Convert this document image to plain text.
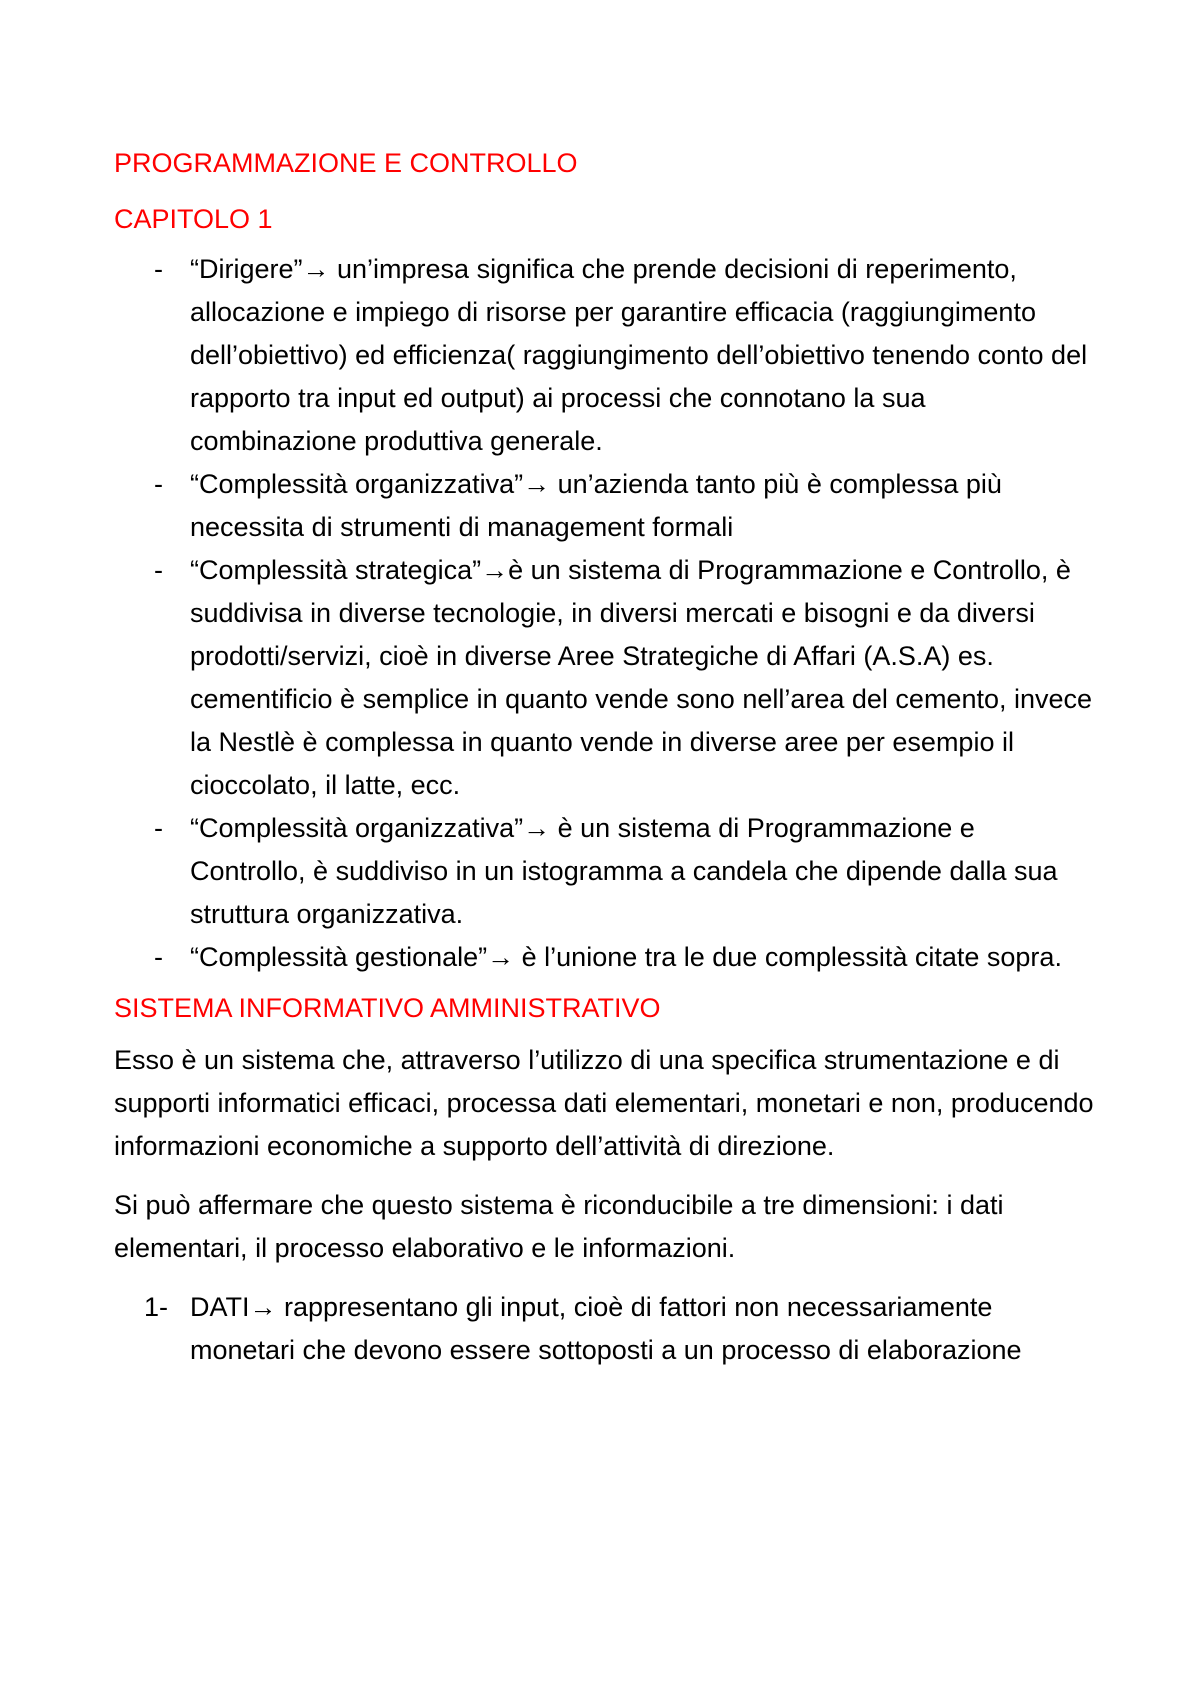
PROGRAMMAZIONE E CONTROLLO
CAPITOLO 1
- “Dirigere”→ un’impresa significa che prende decisioni di reperimento, allocazione e impiego di risorse per garantire efficacia (raggiungimento dell’obiettivo) ed efficienza( raggiungimento dell’obiettivo tenendo conto del rapporto tra input ed output) ai processi che connotano la sua combinazione produttiva generale.
- “Complessità organizzativa”→ un’azienda tanto più è complessa più necessita di strumenti di management formali
- “Complessità strategica”→è un sistema di Programmazione e Controllo, è suddivisa in diverse tecnologie, in diversi mercati e bisogni e da diversi prodotti/servizi, cioè in diverse Aree Strategiche di Affari (A.S.A) es. cementificio è semplice in quanto vende sono nell’area del cemento, invece la Nestlè è complessa in quanto vende in diverse aree per esempio il cioccolato, il latte, ecc.
- “Complessità organizzativa”→ è un sistema di Programmazione e Controllo, è suddiviso in un istogramma a candela che dipende dalla sua struttura organizzativa.
- “Complessità gestionale”→ è l’unione tra le due complessità citate sopra.
SISTEMA INFORMATIVO AMMINISTRATIVO

Esso è un sistema che, attraverso l’utilizzo di una specifica strumentazione e di supporti informatici efficaci, processa dati elementari, monetari e non, producendo informazioni economiche a supporto dell’attività di direzione.

Si può affermare che questo sistema è riconducibile a tre dimensioni: i dati elementari, il processo elaborativo e le informazioni.

1- DATI→ rappresentano gli input, cioè di fattori non necessariamente monetari che devono essere sottoposti a un processo di elaborazione
